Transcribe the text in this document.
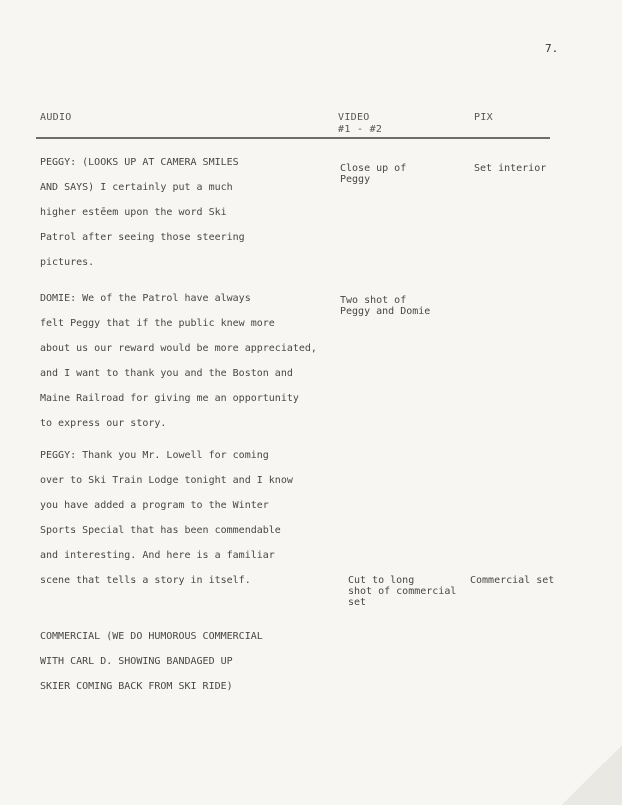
7.
AUDIO	VIDEO
#1 - #2
PIX
PEGGY: (LOOKS UP AT CAMERA SMILES
AND SAYS) I certainly put a much
higher estēem upon the word Ski
Patrol after seeing those steering
pictures.
Close up of
Peggy
Set interior
DOMIE: We of the Patrol have always
felt Peggy that if the public knew more
about us our reward would be more appreciated,
and I want to thank you and the Boston and
Maine Railroad for giving me an opportunity
to express our story.
Two shot of
Peggy and Domie
PEGGY: Thank you Mr. Lowell for coming
over to Ski Train Lodge tonight and I know
you have added a program to the Winter
Sports Special that has been commendable
and interesting. And here is a familiar
scene that tells a story in itself.	Cut to long
shot of commercial
set
Commercial set
COMMERCIAL (WE DO HUMOROUS COMMERCIAL
WITH CARL D. SHOWING BANDAGED UP
SKIER COMING BACK FROM SKI RIDE)
